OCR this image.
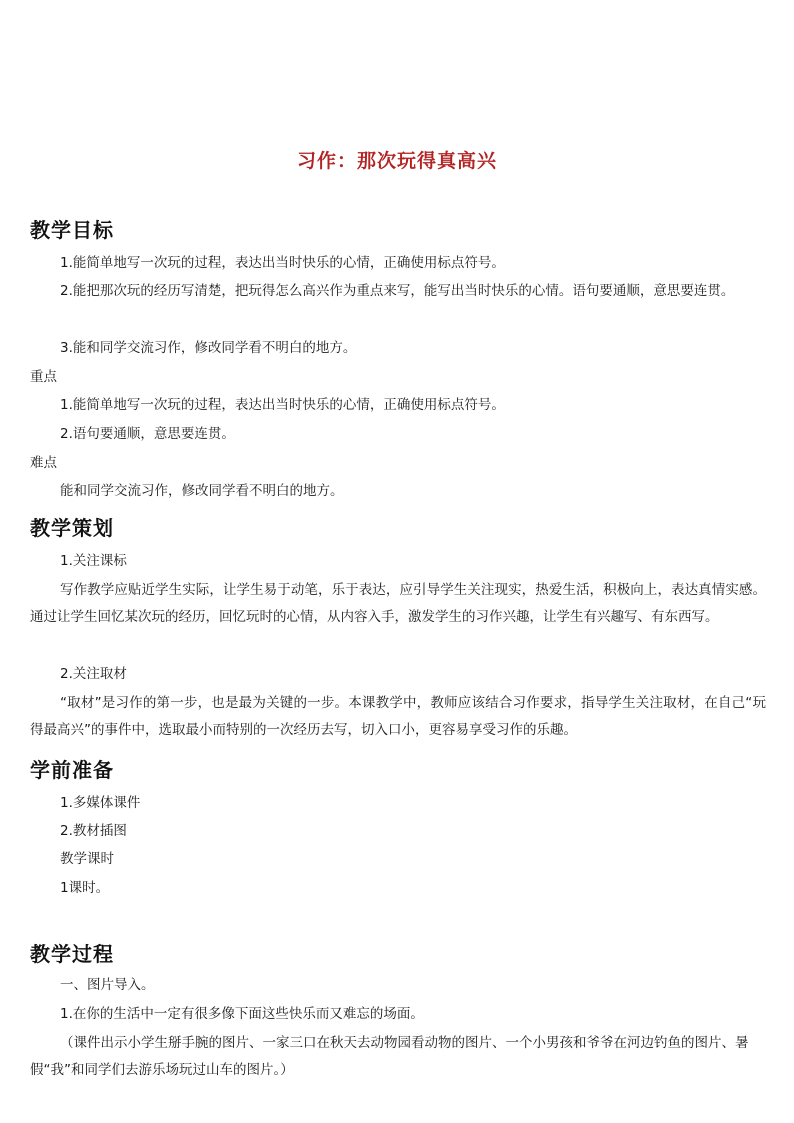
习作：那次玩得真高兴
教学目标
1.能简单地写一次玩的过程，表达出当时快乐的心情，正确使用标点符号。
2.能把那次玩的经历写清楚，把玩得怎么高兴作为重点来写，能写出当时快乐的心情。语句要通顺，意思要连贯。
3.能和同学交流习作，修改同学看不明白的地方。
重点
1.能简单地写一次玩的过程，表达出当时快乐的心情，正确使用标点符号。
2.语句要通顺，意思要连贯。
难点
能和同学交流习作，修改同学看不明白的地方。
教学策划
1.关注课标
写作教学应贴近学生实际，让学生易于动笔，乐于表达，应引导学生关注现实，热爱生活，积极向上，表达真情实感。通过让学生回忆某次玩的经历，回忆玩时的心情，从内容入手，激发学生的习作兴趣，让学生有兴趣写、有东西写。
2.关注取材
“取材”是习作的第一步，也是最为关键的一步。本课教学中，教师应该结合习作要求，指导学生关注取材，在自己“玩得最高兴”的事件中，选取最小而特别的一次经历去写，切入口小，更容易享受习作的乐趣。
学前准备
1.多媒体课件
2.教材插图
教学课时
1课时。
教学过程
一、图片导入。
1.在你的生活中一定有很多像下面这些快乐而又难忘的场面。
（课件出示小学生掰手腕的图片、一家三口在秋天去动物园看动物的图片、一个小男孩和爷爷在河边钓鱼的图片、暑假“我”和同学们去游乐场玩过山车的图片。）
